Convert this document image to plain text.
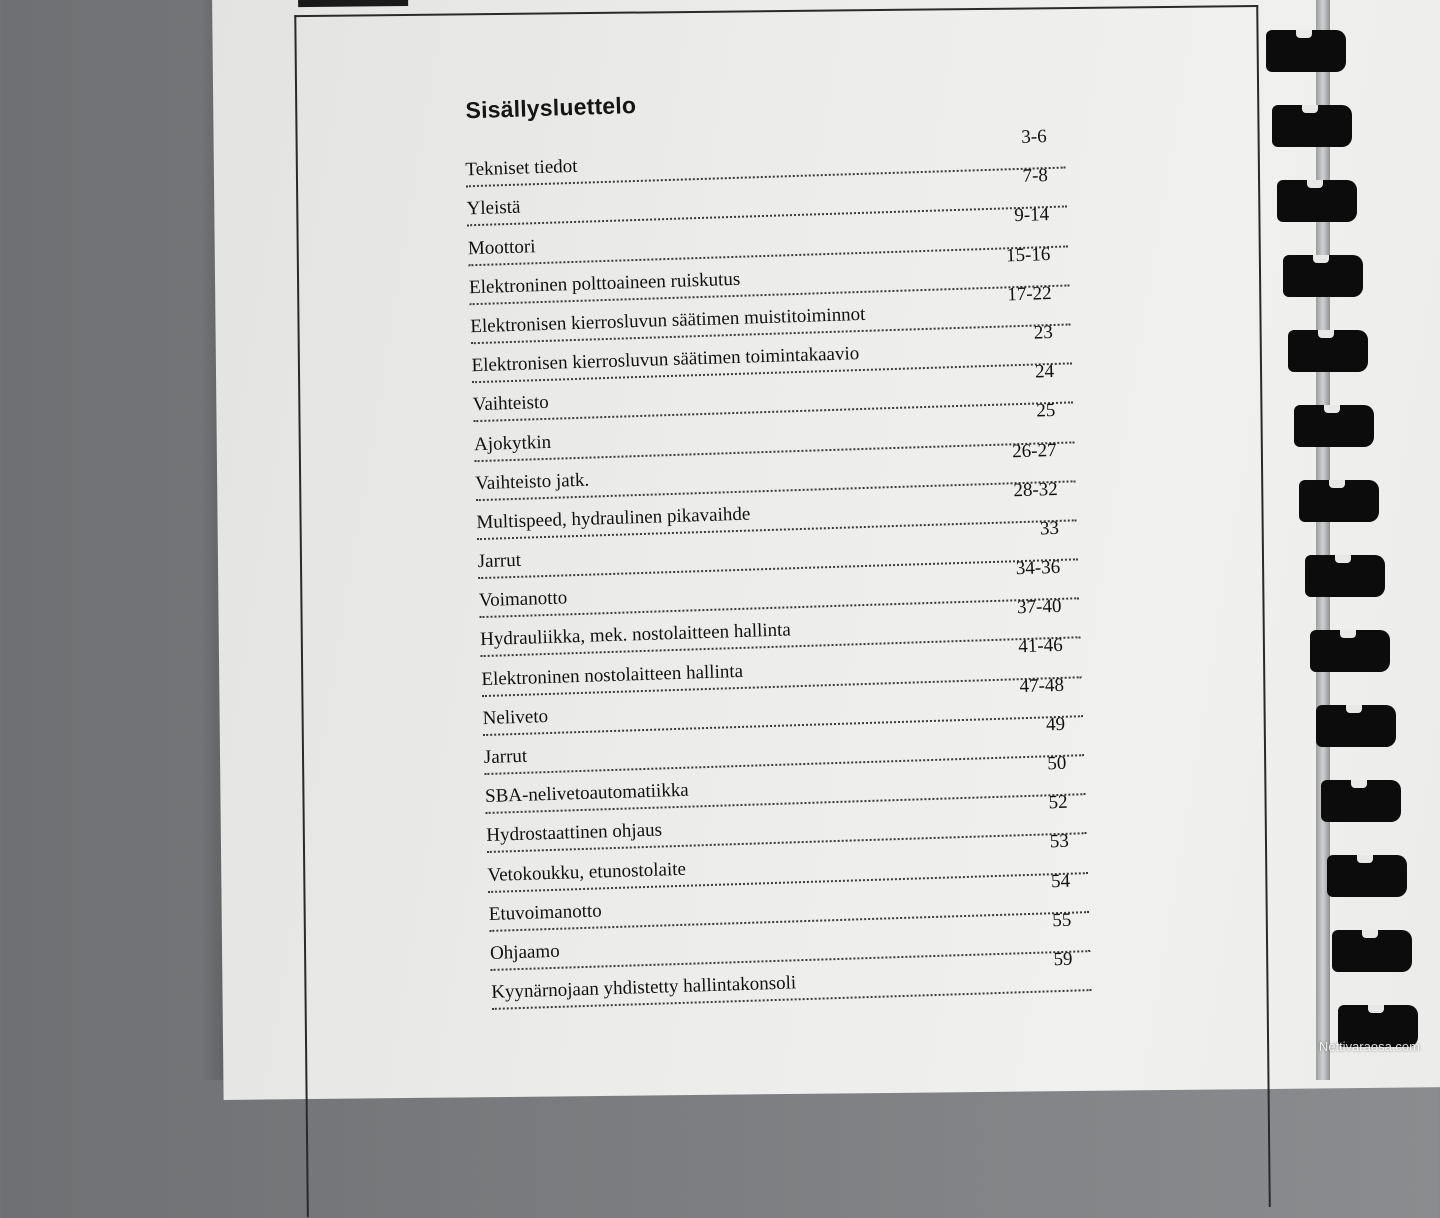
Sisällysluettelo
Tekniset tiedot
3-6
Yleistä
7-8
Moottori
9-14
Elektroninen polttoaineen ruiskutus
15-16
Elektronisen kierrosluvun säätimen muistitoiminnot
17-22
Elektronisen kierrosluvun säätimen toimintakaavio
23
Vaihteisto
24
Ajokytkin
25
Vaihteisto jatk.
26-27
Multispeed, hydraulinen pikavaihde
28-32
Jarrut
33
Voimanotto
34-36
Hydrauliikka, mek. nostolaitteen hallinta
37-40
Elektroninen nostolaitteen hallinta
41-46
Neliveto
47-48
Jarrut
49
SBA-nelivetoautomatiikka
50
Hydrostaattinen ohjaus
52
Vetokoukku, etunostolaite
53
Etuvoimanotto
54
Ohjaamo
55
Kyynärnojaan yhdistetty hallintakonsoli
59
Nettivaraosa.com
